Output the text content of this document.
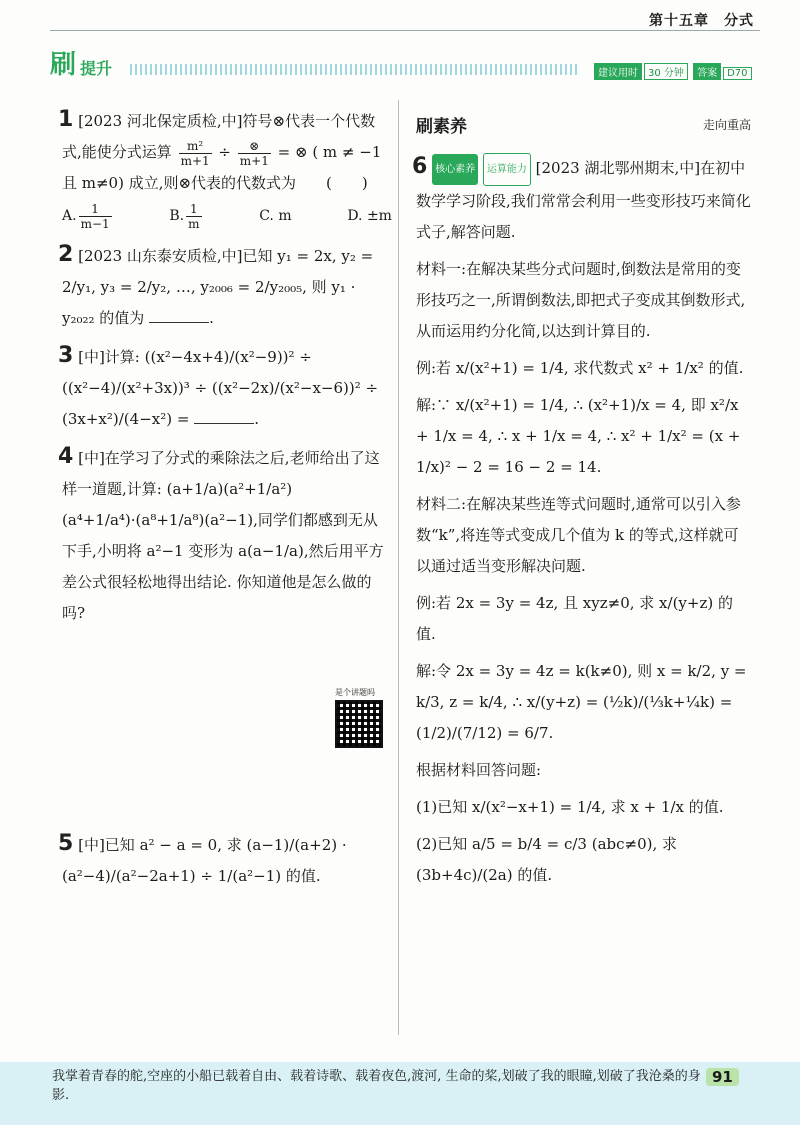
第十五章　分式
刷 提升	建议用时 30 分钟 答案 D70
1 [2023 河北保定质检,中]符号⊗代表一个代数式,能使分式运算 $\frac{\text{m²}}{m+1} \div \frac{\otimes}{m+1}$ = ⊗ ( m ≠ −1 且 m≠0) 成立,则⊗代表的代数式为　　(　　)
A. $\frac{1}{m-1}$	B. $\frac{1}{m}$	C. m	D. ±m
2 [2023 山东泰安质检,中]已知 y₁ = 2x, y₂ = 2/y₁, y₃ = 2/y₂, …, y₂₀₀₆ = 2/y₂₀₀₅, 则 y₁ · y₂₀₂₂ 的值为	.
3 [中]计算: ((x²−4x+4)/(x²−9))² ÷ ((x²−4)/(x²+3x))³ ÷ ((x²−2x)/(x²−x−6))² ÷ (3x+x²)/(4−x²) =	.
4 [中]在学习了分式的乘除法之后,老师给出了这样一道题,计算: (a+1/a)(a²+1/a²)(a⁴+1/a⁴)·(a⁸+1/a⁸)(a²−1),同学们都感到无从下手,小明将 a²−1 变形为 a(a−1/a),然后用平方差公式很轻松地得出结论. 你知道他是怎么做的吗?
是个讲题吗
5 [中]已知 a² − a = 0, 求 (a−1)/(a+2) · (a²−4)/(a²−2a+1) ÷ 1/(a²−1) 的值.
刷素养	走向重高
6 核心素养 运算能力 [2023 湖北鄂州期末,中]在初中数学学习阶段,我们常常会利用一些变形技巧来简化式子,解答问题.
材料一:在解决某些分式问题时,倒数法是常用的变形技巧之一,所谓倒数法,即把式子变成其倒数形式,从而运用约分化简,以达到计算目的.
例:若 x/(x²+1) = 1/4, 求代数式 x² + 1/x² 的值.
解:∵ x/(x²+1) = 1/4, ∴ (x²+1)/x = 4, 即 x²/x + 1/x = 4, ∴ x + 1/x = 4, ∴ x² + 1/x² = (x + 1/x)² − 2 = 16 − 2 = 14.
材料二:在解决某些连等式问题时,通常可以引入参数“k”,将连等式变成几个值为 k 的等式,这样就可以通过适当变形解决问题.
例:若 2x = 3y = 4z, 且 xyz≠0, 求 x/(y+z) 的值.
解:令 2x = 3y = 4z = k(k≠0), 则 x = k/2, y = k/3, z = k/4, ∴ x/(y+z) = (½k)/(⅓k+¼k) = (1/2)/(7/12) = 6/7.
根据材料回答问题:
(1)已知 x/(x²−x+1) = 1/4, 求 x + 1/x 的值.
(2)已知 a/5 = b/4 = c/3 (abc≠0), 求 (3b+4c)/(2a) 的值.
我掌着青春的舵,空座的小船已载着自由、载着诗歌、载着夜色,渡河, 生命的桨,划破了我的眼瞳,划破了我沧桑的身影.
91
